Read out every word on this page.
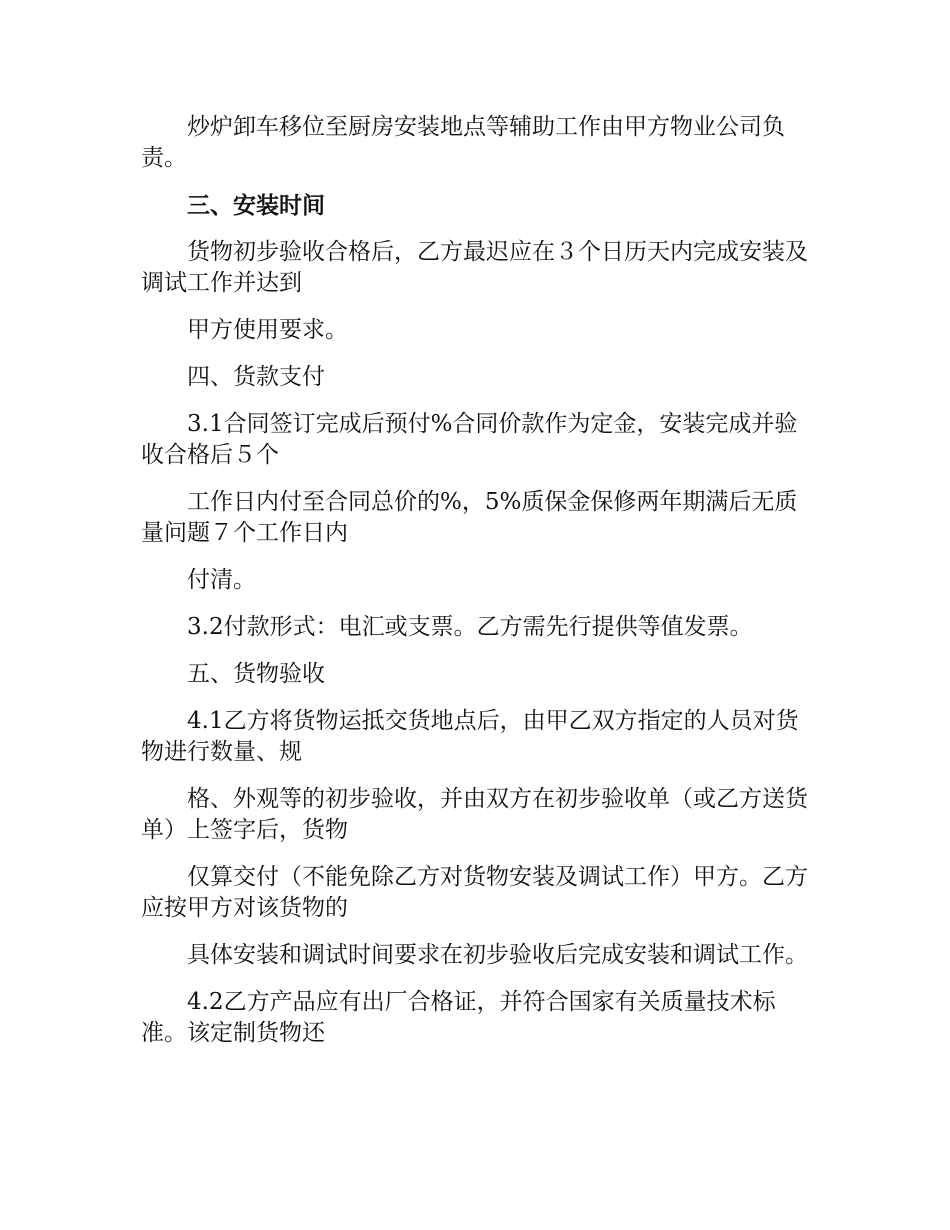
炒炉卸车移位至厨房安装地点等辅助工作由甲方物业公司负责。

三、安装时间

货物初步验收合格后，乙方最迟应在３个日历天内完成安装及调试工作并达到

甲方使用要求。

四、货款支付

3.1合同签订完成后预付%合同价款作为定金，安装完成并验收合格后５个

工作日内付至合同总价的%，5%质保金保修两年期满后无质量问题７个工作日内

付清。

3.2付款形式：电汇或支票。乙方需先行提供等值发票。

五、货物验收

4.1乙方将货物运抵交货地点后，由甲乙双方指定的人员对货物进行数量、规

格、外观等的初步验收，并由双方在初步验收单（或乙方送货单）上签字后，货物

仅算交付（不能免除乙方对货物安装及调试工作）甲方。乙方应按甲方对该货物的

具体安装和调试时间要求在初步验收后完成安装和调试工作。

4.2乙方产品应有出厂合格证，并符合国家有关质量技术标准。该定制货物还
